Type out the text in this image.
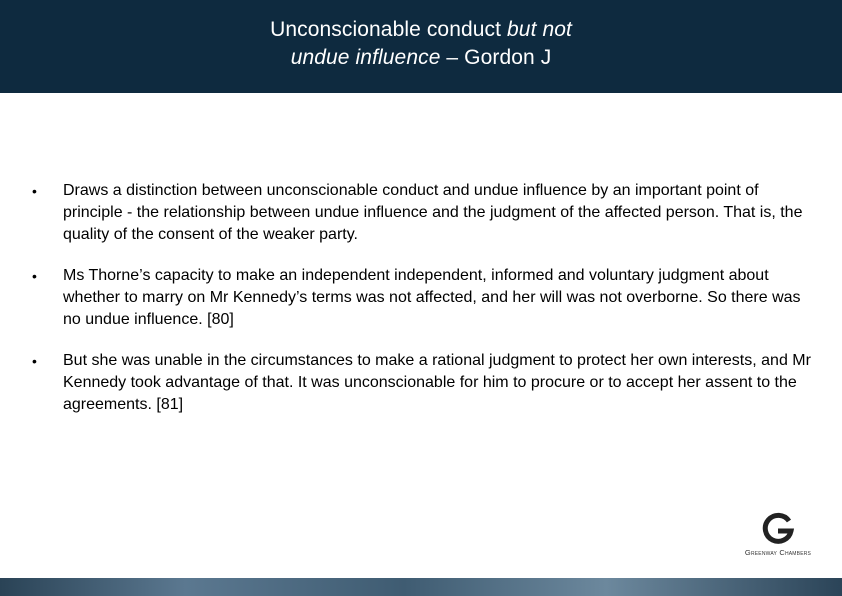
Unconscionable conduct but not
undue influence – Gordon J
•	Draws a distinction between unconscionable conduct and undue influence by an important point of principle - the relationship between undue influence and the judgment of the affected person. That is, the quality of the consent of the weaker party.
•	Ms Thorne’s capacity to make an independent independent, informed and voluntary judgment about whether to marry on Mr Kennedy’s terms was not affected, and her will was not overborne. So there was no undue influence. [80]
•	But she was unable in the circumstances to make a rational judgment to protect her own interests, and Mr Kennedy took advantage of that. It was unconscionable for him to procure or to accept her assent to the agreements. [81]
Greenway Chambers
